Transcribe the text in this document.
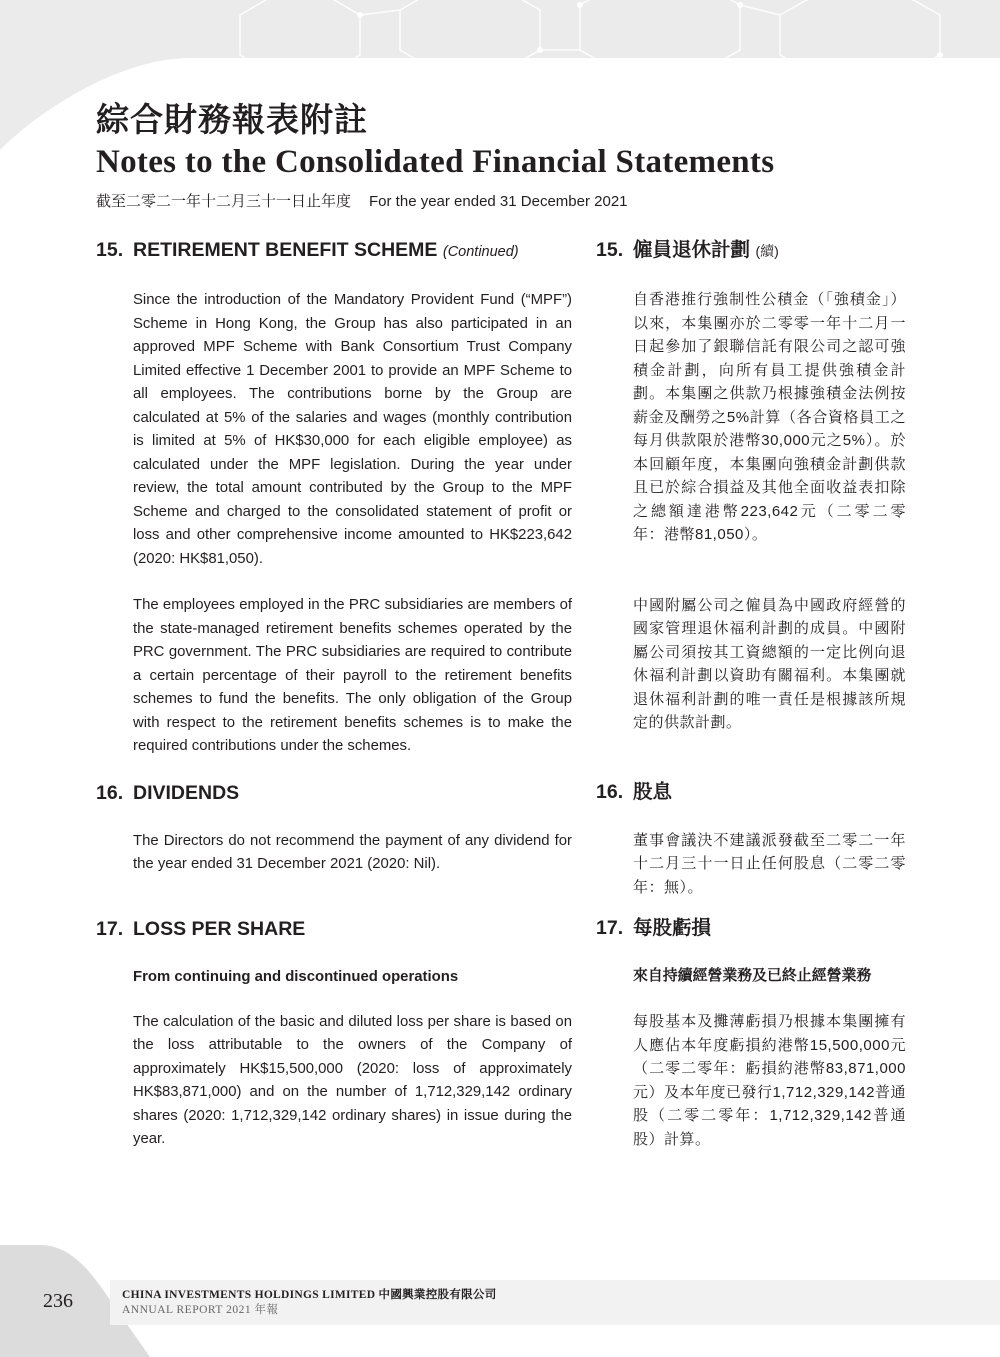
綜合財務報表附註
Notes to the Consolidated Financial Statements
截至二零二一年十二月三十一日止年度 For the year ended 31 December 2021
15. RETIREMENT BENEFIT SCHEME (Continued)

Since the introduction of the Mandatory Provident Fund (“MPF”) Scheme in Hong Kong, the Group has also participated in an approved MPF Scheme with Bank Consortium Trust Company Limited effective 1 December 2001 to provide an MPF Scheme to all employees. The contributions borne by the Group are calculated at 5% of the salaries and wages (monthly contribution is limited at 5% of HK$30,000 for each eligible employee) as calculated under the MPF legislation. During the year under review, the total amount contributed by the Group to the MPF Scheme and charged to the consolidated statement of profit or loss and other comprehensive income amounted to HK$223,642 (2020: HK$81,050).

The employees employed in the PRC subsidiaries are members of the state-managed retirement benefits schemes operated by the PRC government. The PRC subsidiaries are required to contribute a certain percentage of their payroll to the retirement benefits schemes to fund the benefits. The only obligation of the Group with respect to the retirement benefits schemes is to make the required contributions under the schemes.

16. DIVIDENDS

The Directors do not recommend the payment of any dividend for the year ended 31 December 2021 (2020: Nil).

17. LOSS PER SHARE
From continuing and discontinued operations

The calculation of the basic and diluted loss per share is based on the loss attributable to the owners of the Company of approximately HK$15,500,000 (2020: loss of approximately HK$83,871,000) and on the number of 1,712,329,142 ordinary shares (2020: 1,712,329,142 ordinary shares) in issue during the year.

15. 僱員退休計劃 (續)

自香港推行強制性公積金（「強積金」）以來，本集團亦於二零零一年十二月一日起參加了銀聯信託有限公司之認可強積金計劃，向所有員工提供強積金計劃。本集團之供款乃根據強積金法例按薪金及酬勞之5%計算（各合資格員工之每月供款限於港幣30,000元之5%）。於本回顧年度，本集團向強積金計劃供款且已於綜合損益及其他全面收益表扣除之總額達港幣223,642元（二零二零年：港幣81,050）。

中國附屬公司之僱員為中國政府經營的國家管理退休福利計劃的成員。中國附屬公司須按其工資總額的一定比例向退休福利計劃以資助有關福利。本集團就退休福利計劃的唯一責任是根據該所規定的供款計劃。

16. 股息

董事會議決不建議派發截至二零二一年十二月三十一日止任何股息（二零二零年：無）。

17. 每股虧損
來自持續經營業務及已終止經營業務

每股基本及攤薄虧損乃根據本集團擁有人應佔本年度虧損約港幣15,500,000元（二零二零年：虧損約港幣83,871,000元）及本年度已發行1,712,329,142普通股（二零二零年：1,712,329,142普通股）計算。

236	CHINA INVESTMENTS HOLDINGS LIMITED 中國興業控股有限公司
ANNUAL REPORT 2021 年報
